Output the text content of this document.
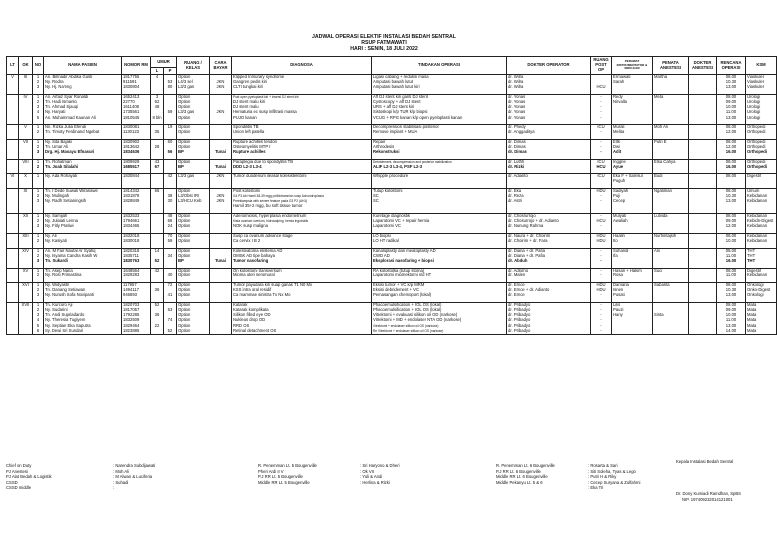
JADWAL OPERASI ELEKTIF INSTALASI BEDAH SENTRAL
RSUP FATMAWATI
HARI : SENIN, 18 JULI 2022
LT	OK	NO	NAMA PASIEN	NOMOR RM	UMUR		RUANG / KELAS	CARA BAYAR	DIAGNOSA	TINDAKAN OPERASI	DOKTER OPERATOR	RUANG POST OP	PERAWAT INSTRUMENTATOR & SIRKULER	PENATA ANESTESI	DOKTER ANESTESI	RENCANA OPERASI	KSM
					L	P											
V	III	1	An. Bilmadir Abdika Gusti	1817755	4		Option		Klipped Inrsurary syndrome	Ligasi cabang + reduksi masa	dr. Wilra		Ermawati	Martha		08.00	Viaskuler
		2	Ny. Rodra	911591		53	L4/3 sel	JKN	Gangren pedis kiri	Amputasi bawah lutut	dr. Wilra		Sarah			10.30	Viaskuler
		3	Ny. Hj. Na'eng	1830804		80	L3/3 gas	JKN	CLTI tungkai kiri	Amputasi bawah lutut kiri	dr. Wilra	HCU				13.00	Viaskuler

	IV	1	An. Arfaiz Syar Ronaldi	1652413	3		Option		Post open pyeloplasti kiri + insersi DJ stent kiri	Aff DJ stent kiri ganti DJ stent	dr. Yonas	-	Redy	Meta		08.00	Urologi
		2	Tn. Hadi Ismanto	22770	62		Option		DJ stent malu kiri	Cystoscopy + aff DJ stent	dr. Yonas	-	Nirvalla			09.00	Urologi
		3	Tn. Ahmad Sjauqi	1611408	48		Option		DJ stent malu	URS + aff DJ stent kiri	dr. Yonas	-				10.00	Urologi
		4	Ny. Haryati	1735561		59	L3/3 gas	JKN	Hematuria ec susp infiltrasi massa	Sistoskopi k/p TUR k/p biopsi	dr. Yonas	-				11.00	Urologi
		5	An. Muhammad Kaunan Ali	1810545	8 bln		Option		PUJO kanan	VCUG + RPG kanan k/p open pyeloplasti kanan	dr. Yonas	-				13.00	Urologi

	V	1	Nn. Rizka Julia Efendi	1830081		19	Option		Spondilitis TB	Decompression stabilisasi posterior	dr. Phedy	ICU	Murali	Moh Ali		08.00	Orthopedi
		2	Tn. Timoty Ferdinand Ngebat	1130123	35		Option		Union left patella	Remove implant + MUA	dr. Anggaditya	-	Melita			12.00	Orthopedi

	VII	1	Ny. Sita Bajaki	1830902		60	Option		Rupture achilles tendon	Repair	dr. Dimas	-	Eltk	Putri E		08.00	Orthopedi
		2	Tn. Umar Ali	1813642	28		Option		Osteomyelitis MTP I	Arthrodesis	dr. Dimas	-	Dwi			12.00	Orthopedi
		3	Drg. Hj. Masayu Efnasuri	1834636		56	BP	Tunai	Rupture achilles	Rekonstruksi	dr. Dimas	-	Adit			16.00	Orthopedi

	VIII	1	Tn. Rohatman	1809929	43		Option		Paraplegia due to spondylitis TB	Debridement, decompression and posterior stabilization	dr. Luthfi	ICU	Inggrie	Elsa Cahya		08.00	Orthopedi
		2	Tn. Joab Silalahi	1685517	67		BP	Tunai	DDD L2-3 L3-4	ALIF L2-3 L3-4, PSF L2-3	dr. Rizki	HCU	Ayue			16.00	Orthopedi

VI	X	1	Ny. Ada Rohayati	1830844		42	L3/3 gas	JKN	Tumor duodenum ileasal kolesistektomi	Whipple procedure	dr. Adianto	ICU	Eka F + Samsul	Budi		08.00	Digestif
													Puguh				

	XI	1	Tn. I Dede Suwali Wiranawe	1814342	66		Option		Post kolostomi	Tutup kolostomi	dr. Eka	HDU	Sadiyah	Ngatiman		08.00	Umum
		2	Ny. Mulingah	1831878		38	L3/Obst IRI	JKN	G4 P3 Ab Hamil 38-39 mgg polihidramnion susp Achondroplasia	SC	dr. Reza	-	Puji			10.30	Kebidanan
		3	Ny. Radh Setianingsih	1828849		30	L3/HCU Keb	JKN	Preeklampsia with severe feature pada G3 P2 (AH1)	SC	dr. Astri	-	Cecep			13.00	Kebidanan
									Hamil 35+2 mgg, bu soft tissue tumor								

	XII	1	Ny. Samijah	1832533		48	Option		Adenomiosis, hyperplasia endometrium	Kuretage diagnostik	dr. Chosrurrojo	-	Mulyati	Lutvida		08.00	Kebidanan
		2	Ny. Julaiati Lenna	1794661		66	Option		Kista ovarium overium, hidrosalping, hemia inguinalis	Laparotomi VC + repair hernia	dr. Chosurrojo + dr. Adianto	HCU	Awaliah			09.00	Kebidn-Digest
		3	Ny. Fitly Pratiwi	1834465		24	Option		NOK susp maligna	Laparotomi VC	dr. Nunung Rahma	-				12.00	Kebidanan

	XIII	1	Ny. Ali	1832018		70	Option		Susp ca ovarium advance stage	LO biopsi	dr. Naura + dr. Choirim	HDU	Haalin	Nurhintajsih		08.00	Kebidanan
		2	Ny. Kasiyati	1830018		59	Option		Ca cervix I B 2	LO HT radikal	dr. Choirim + dr. Fara	HDU	Ito			10.00	Kebidanan

	XIV	1	An. M Fair Naufal Ar Syafiq	1820318	14		Option		Kolesteatoma ekstema AD	Kanaloplasty dan meatoplasty AD	dr. Diana + dr. Pafia	-	Suhandi	Ani		08.00	THT
		2	Ny. Isyama Candra Kasih W	1835711		34	Option		OMSK AD tipe bahaya	CWD AD	dr. Diana + dr. Pafia	-	Ifa			11.00	THT
		3	Tn. Sukardi	1830763	52		BP	Tunai	Tumor nasofaring	Eksplorasi nasofaring + biopsi	dr. Abduh	-				16.00	THT

	XV	1	Tn. Asep Nana	1648564	42		Option		On kolostomi transversum	RA kolostolka (tutup stoma)	dr. Adlorno	-	Hasan + Hakim	Suci		08.00	Digestif
		2	Ny. Rosi Primastina	1829283		40	Option		Mioma uteri seromural	Laparotomi miomektomi s/d HT	dr. Malen	-	Rosa			11.00	Kebidanan

	XVI	1	Ny. Widyastri	117957		72	Option		Tumor payudara kiri suap ganas T1 N0 Mx	Eksisi tumor + VC k/p MRM	dr. Ernce	HDU	Damaria	Sabarita		08.00	Onkologi
		2	Tn. Danang Setiawan	1494117	36		Option		KSS intra oral residif	Eksisi debridement + VC	dr. Ernce + dr. Adianto	HDU	Isnen			10.30	Onko-Digest
		3	Ny. Nurush Sofa Novipanti	946893		41	Option		Ca mammae sinistra Tx Nx Mo	Pemasangan chemoport (lokal)	dr. Ernce	-	Pusati			13.00	Onkologi

	XVII	1	Tn. Kurcoro Aji	1820703	52		Option		Katarak	Phacoemulsification + IOL OS (lokal)	dr. Pribadyo	-	Lilis			08.00	Mata
		2	Ny. Sudarini	1817057		53	Option		Katarak komplikata	Phacoemulsification + IOL OS (lokal)	dr. Pribadyo	-	Pauzi			09.00	Mata
		3	Tn. Andi Supriadardo	1792285	36		Option		Silikon filled eye OD	Vitrektomi + evakuasi silikon oil OD (narkose)	dr. Pribadyo	-	Hany	Sinta		10.00	Mata
		4	Ny. Theresia Tugiyem	1832509		74	Option		Nukleus drop OD	Vitrektomi + MD + endolaser NTA OD (narkose)	dr. Pribadyo	-				11.00	Mata
		5	Ny. Septian Eka Saputra	1829464	22		Option		RRD OS	Vitrektomi + endolaser silikon oil OS (narkose)	dr. Pribadyo	-				13.00	Mata
		6	Sy. Dewi Sri Sundari	1823885		52	Option		Retinal detachment OS	Re Vitrektomi + endolaser silikon oil OS (narkose)	dr. Pribadyo	-				14.00	Mata
Chief on Duty
PJ Anestesi
PJ Alat Bedah & Logistik
CSSD
CSSD middle
: Narendra Subdijawati
: Moh Ali
: M Alwan & Luciferia
: Suhadi
:
R. Penemman Lt. 5 Bougenville
Pheri Ardi II V
P.J RR Lt. 5 Bougenville
Middle RR Lt. 5 Bougenville
: Sri Haryono & Dheri
: Ok VII
: Yuli & Andi
: Herlina & Rizki
R. Penemman Lt. 6 Bougenville
P.J RR Lt. 6 Bougenville
Middle RR Lt. 6 Bougenville
Middle Pekanyu Lt. 5 & 6
: Rosarta & Sari
: Siti Soleha, Tyas & Lego
: Putri H & Riky
: Cecep Suryana & Zulfahmi
: Eka Tri
Kepala Instalasi Bedah Sentral
Dr. Dony Kumiadi Ramdhan, SpBS
NIP. 197409232014121001
